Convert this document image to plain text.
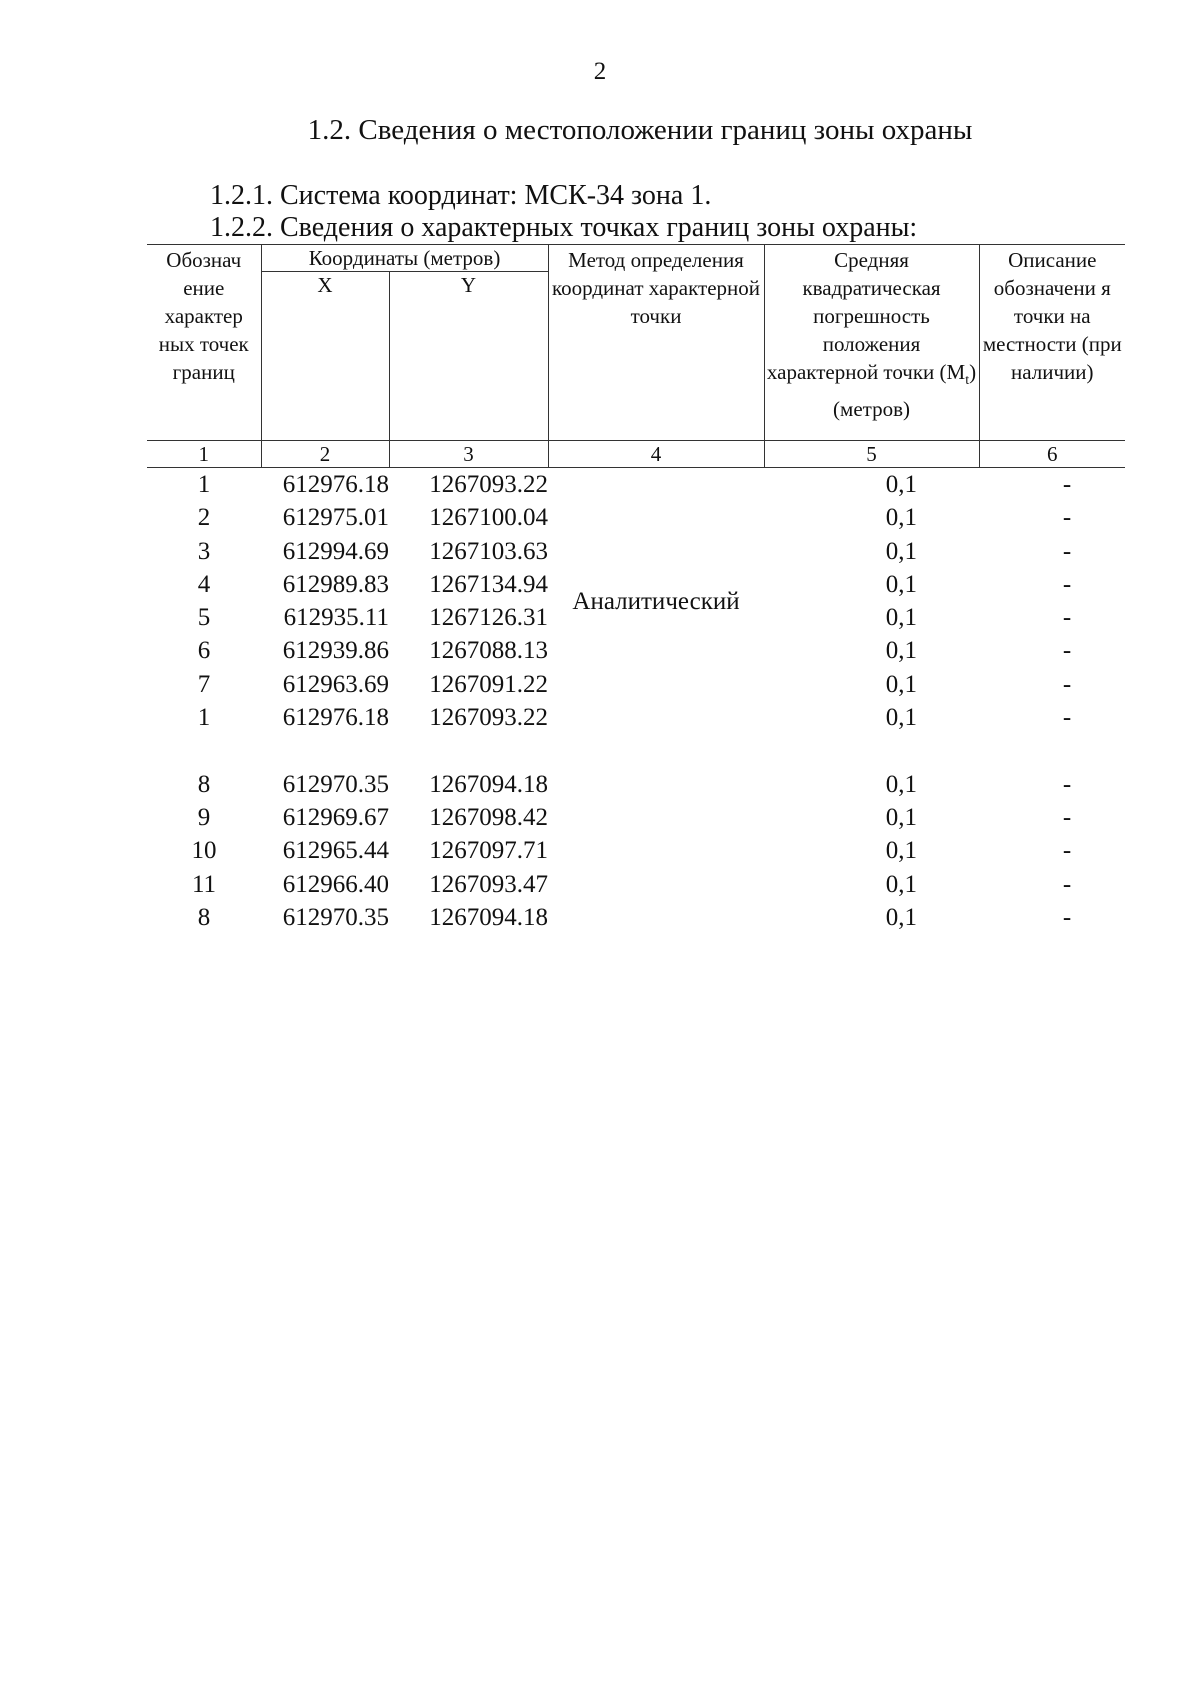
2
1.2. Сведения о местоположении границ зоны охраны
1.2.1. Система координат: МСК-34 зона 1.
1.2.2. Сведения о характерных точках границ зоны охраны:
Обознач ение характер ных точек границ	Координаты (метров)		Метод определения координат характерной точки	Средняя квадратическая погрешность положения характерной точки $(M_t)$ (метров)	Описание обозначени я точки на местности (при наличии)
	X	Y			
1	2	3	4	5	6
1	612976.18	1267093.22	Аналитический	0,1	-
2	612975.01	1267100.04		0,1	-
3	612994.69	1267103.63		0,1	-
4	612989.83	1267134.94		0,1	-
5	612935.11	1267126.31		0,1	-
6	612939.86	1267088.13		0,1	-
7	612963.69	1267091.22		0,1	-
1	612976.18	1267093.22		0,1	-

8	612970.35	1267094.18		0,1	-
9	612969.67	1267098.42		0,1	-
10	612965.44	1267097.71		0,1	-
11	612966.40	1267093.47		0,1	-
8	612970.35	1267094.18		0,1	-
